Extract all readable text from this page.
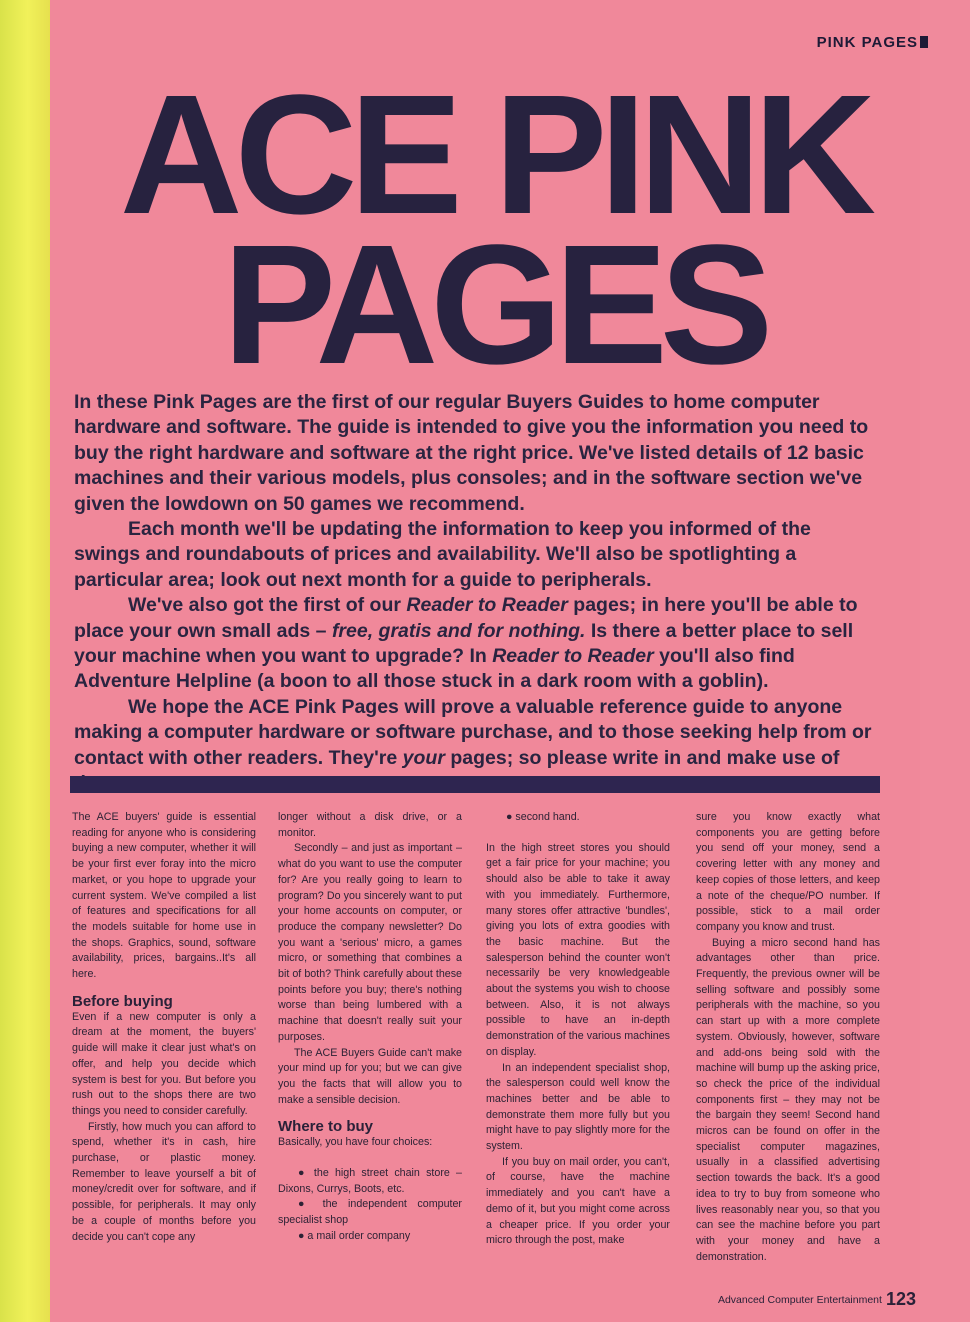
PINK PAGES
ACE PINK
PAGES

In these Pink Pages are the first of our regular Buyers Guides to home computer hardware and software. The guide is intended to give you the information you need to buy the right hardware and software at the right price. We've listed details of 12 basic machines and their various models, plus consoles; and in the software section we've given the lowdown on 50 games we recommend.

Each month we'll be updating the information to keep you informed of the swings and roundabouts of prices and availability. We'll also be spotlighting a particular area; look out next month for a guide to peripherals.

We've also got the first of our Reader to Reader pages; in here you'll be able to place your own small ads – free, gratis and for nothing. Is there a better place to sell your machine when you want to upgrade? In Reader to Reader you'll also find Adventure Helpline (a boon to all those stuck in a dark room with a goblin).

We hope the ACE Pink Pages will prove a valuable reference guide to anyone making a computer hardware or software purchase, and to those seeking help from or contact with other readers. They're your pages; so please write in and make use of

The ACE buyers' guide is essential reading for anyone who is considering buying a new computer, whether it will be your first ever foray into the micro market, or you hope to upgrade your current system. We've compiled a list of features and specifications for all the models suitable for home use in the shops. Graphics, sound, software availability, prices, bargains..It's all here.

Before buying

Even if a new computer is only a dream at the moment, the buyers' guide will make it clear just what's on offer, and help you decide which system is best for you. But before you rush out to the shops there are two things you need to consider carefully.

Firstly, how much you can afford to spend, whether it's in cash, hire purchase, or plastic money. Remember to leave yourself a bit of money/credit over for software, and if possible, for peripherals. It may only be a couple of months before you decide you can't cope any

longer without a disk drive, or a monitor.

Secondly – and just as important – what do you want to use the computer for? Are you really going to learn to program? Do you sincerely want to put your home accounts on computer, or produce the company newsletter? Do you want a 'serious' micro, a games micro, or something that combines a bit of both? Think carefully about these points before you buy; there's nothing worse than being lumbered with a machine that doesn't really suit your purposes.

The ACE Buyers Guide can't make your mind up for you; but we can give you the facts that will allow you to make a sensible decision.

Where to buy

Basically, you have four choices:

● the high street chain store – Dixons, Currys, Boots, etc.

● the independent computer specialist shop

● a mail order company

● second hand.

In the high street stores you should get a fair price for your machine; you should also be able to take it away with you immediately. Furthermore, many stores offer attractive 'bundles', giving you lots of extra goodies with the basic machine. But the salesperson behind the counter won't necessarily be very knowledgeable about the systems you wish to choose between. Also, it is not always possible to have an in-depth demonstration of the various machines on display.

In an independent specialist shop, the salesperson could well know the machines better and be able to demonstrate them more fully but you might have to pay slightly more for the system.

If you buy on mail order, you can't, of course, have the machine immediately and you can't have a demo of it, but you might come across a cheaper price. If you order your micro through the post, make

sure you know exactly what components you are getting before you send off your money, send a covering letter with any money and keep copies of those letters, and keep a note of the cheque/PO number. If possible, stick to a mail order company you know and trust.

Buying a micro second hand has advantages other than price. Frequently, the previous owner will be selling software and possibly some peripherals with the machine, so you can start up with a more complete system. Obviously, however, software and add-ons being sold with the machine will bump up the asking price, so check the price of the individual components first – they may not be the bargain they seem! Second hand micros can be found on offer in the specialist computer magazines, usually in a classified advertising section towards the back. It's a good idea to try to buy from someone who lives reasonably near you, so that you can see the machine before you part with your money and have a demonstration.

Advanced Computer Entertainment 123
